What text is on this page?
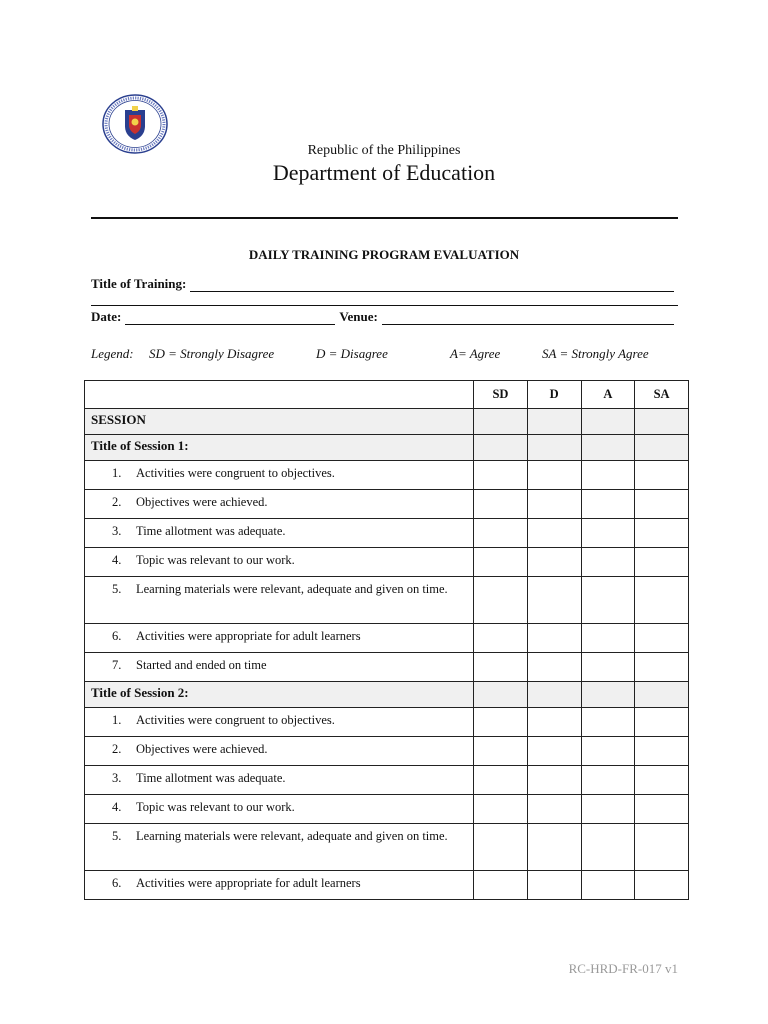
Republic of the Philippines
Department of Education
DAILY TRAINING PROGRAM EVALUATION
Title of Training:
Date:	Venue:
Legend: SD = Strongly Disagree	D = Disagree	A= Agree	SA = Strongly Agree
	SD	D	A	SA

SESSION				

Title of Session 1:				

1. Activities were congruent to objectives.				

2. Objectives were achieved.				

3. Time allotment was adequate.				

4. Topic was relevant to our work.				

5. Learning materials were relevant, adequate and given on time.				

6. Activities were appropriate for adult learners				

7. Started and ended on time				

Title of Session 2:				

1. Activities were congruent to objectives.				

2. Objectives were achieved.				

3. Time allotment was adequate.				

4. Topic was relevant to our work.				

5. Learning materials were relevant, adequate and given on time.				

6. Activities were appropriate for adult learners				

RC-HRD-FR-017 v1
